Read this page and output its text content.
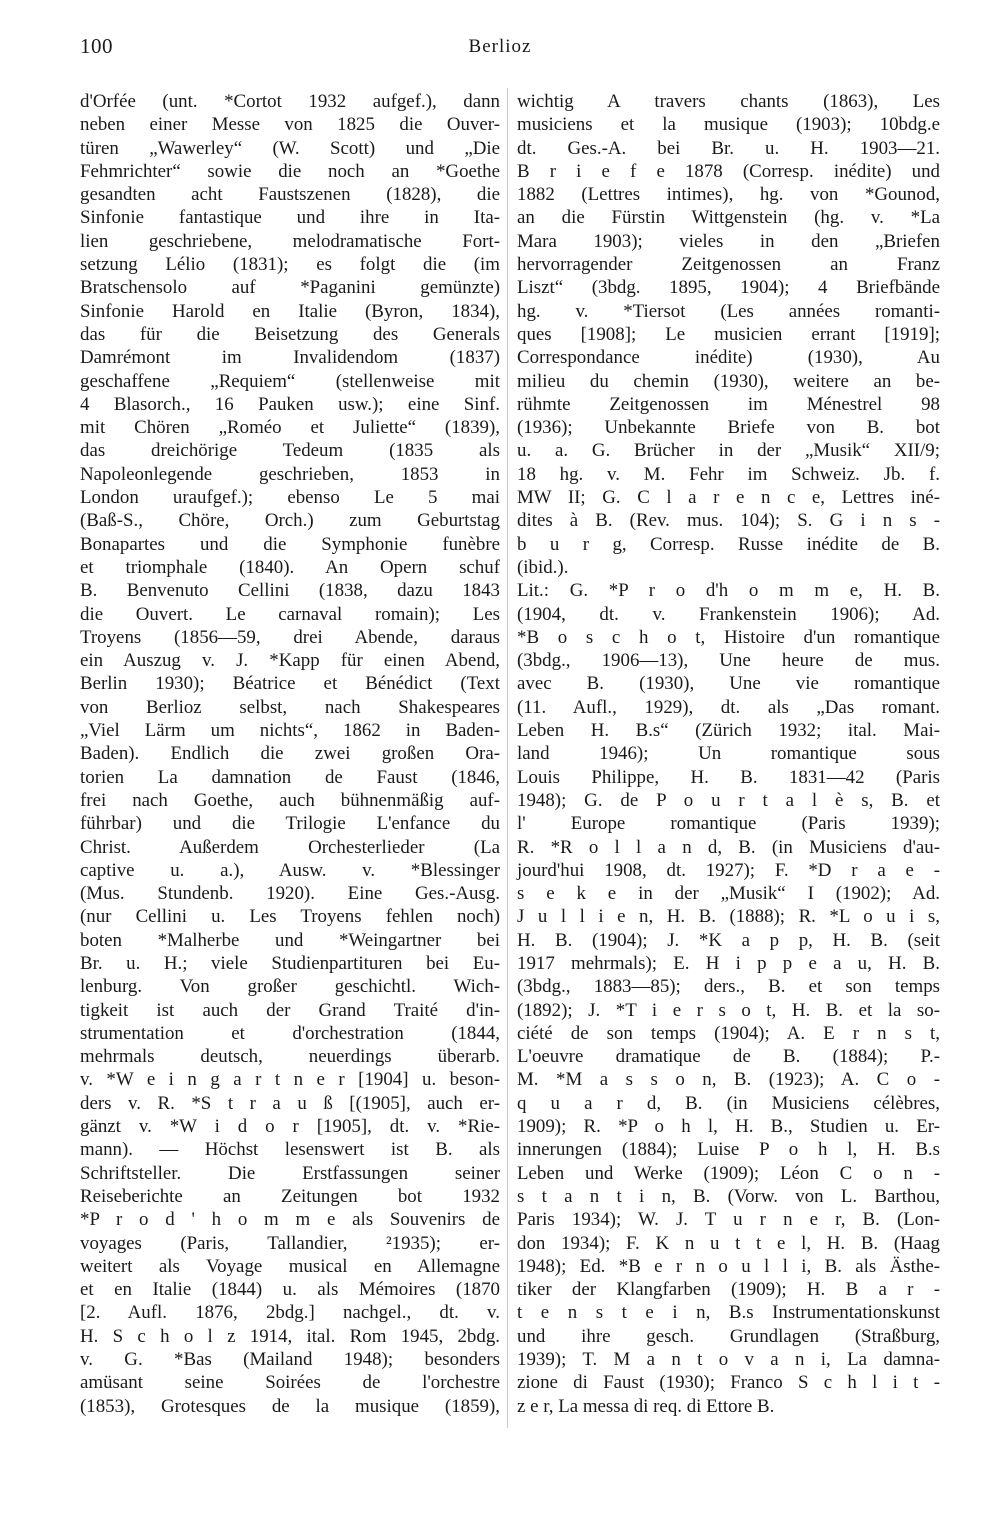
100	Berlioz
d'Orfée (unt. *Cortot 1932 aufgef.), dann
neben einer Messe von 1825 die Ouver-
türen „Wawerley“ (W. Scott) und „Die
Fehmrichter“ sowie die noch an *Goethe
gesandten acht Faustszenen (1828), die
Sinfonie fantastique und ihre in Ita-
lien geschriebene, melodramatische Fort-
setzung Lélio (1831); es folgt die (im
Bratschensolo auf *Paganini gemünzte)
Sinfonie Harold en Italie (Byron, 1834),
das für die Beisetzung des Generals
Damrémont im Invalidendom (1837)
geschaffene „Requiem“ (stellenweise mit
4 Blasorch., 16 Pauken usw.); eine Sinf.
mit Chören „Roméo et Juliette“ (1839),
das dreichörige Tedeum (1835 als
Napoleonlegende geschrieben, 1853 in
London uraufgef.); ebenso Le 5 mai
(Baß-S., Chöre, Orch.) zum Geburtstag
Bonapartes und die Symphonie funèbre
et triomphale (1840). An Opern schuf
B. Benvenuto Cellini (1838, dazu 1843
die Ouvert. Le carnaval romain); Les
Troyens (1856—59, drei Abende, daraus
ein Auszug v. J. *Kapp für einen Abend,
Berlin 1930); Béatrice et Bénédict (Text
von Berlioz selbst, nach Shakespeares
„Viel Lärm um nichts“, 1862 in Baden-
Baden). Endlich die zwei großen Ora-
torien La damnation de Faust (1846,
frei nach Goethe, auch bühnenmäßig auf-
führbar) und die Trilogie L'enfance du
Christ. Außerdem Orchesterlieder (La
captive u. a.), Ausw. v. *Blessinger
(Mus. Stundenb. 1920). Eine Ges.-Ausg.
(nur Cellini u. Les Troyens fehlen noch)
boten *Malherbe und *Weingartner bei
Br. u. H.; viele Studienpartituren bei Eu-
lenburg. Von großer geschichtl. Wich-
tigkeit ist auch der Grand Traité d'in-
strumentation et d'orchestration (1844,
mehrmals deutsch, neuerdings überarb.
v. *W e i n g a r t n e r [1904] u. beson-
ders v. R. *S t r a u ß [(1905], auch er-
gänzt v. *W i d o r [1905], dt. v. *Rie-
mann). — Höchst lesenswert ist B. als
Schriftsteller. Die Erstfassungen seiner
Reiseberichte an Zeitungen bot 1932
*P r o d ' h o m m e als Souvenirs de
voyages (Paris, Tallandier, ²1935); er-
weitert als Voyage musical en Allemagne
et en Italie (1844) u. als Mémoires (1870
[2. Aufl. 1876, 2bdg.] nachgel., dt. v.
H. S c h o l z 1914, ital. Rom 1945, 2bdg.
v. G. *Bas (Mailand 1948); besonders
amüsant seine Soirées de l'orchestre
(1853), Grotesques de la musique (1859),
wichtig A travers chants (1863), Les
musiciens et la musique (1903); 10bdg.e
dt. Ges.-A. bei Br. u. H. 1903—21.
B r i e f e 1878 (Corresp. inédite) und
1882 (Lettres intimes), hg. von *Gounod,
an die Fürstin Wittgenstein (hg. v. *La
Mara 1903); vieles in den „Briefen
hervorragender Zeitgenossen an Franz
Liszt“ (3bdg. 1895, 1904); 4 Briefbände
hg. v. *Tiersot (Les années romanti-
ques [1908]; Le musicien errant [1919];
Correspondance inédite) (1930), Au
milieu du chemin (1930), weitere an be-
rühmte Zeitgenossen im Ménestrel 98
(1936); Unbekannte Briefe von B. bot
u. a. G. Brücher in der „Musik“ XII/9;
18 hg. v. M. Fehr im Schweiz. Jb. f.
MW II; G. C l a r e n c e, Lettres iné-
dites à B. (Rev. mus. 104); S. G i n s -
b u r g, Corresp. Russe inédite de B.
(ibid.).
Lit.: G. *P r o d'h o m m e, H. B.
(1904, dt. v. Frankenstein 1906); Ad.
*B o s c h o t, Histoire d'un romantique
(3bdg., 1906—13), Une heure de mus.
avec B. (1930), Une vie romantique
(11. Aufl., 1929), dt. als „Das romant.
Leben H. B.s“ (Zürich 1932; ital. Mai-
land 1946); Un romantique sous
Louis Philippe, H. B. 1831—42 (Paris
1948); G. de P o u r t a l è s, B. et
l' Europe romantique (Paris 1939);
R. *R o l l a n d, B. (in Musiciens d'au-
jourd'hui 1908, dt. 1927); F. *D r a e -
s e k e in der „Musik“ I (1902); Ad.
J u l l i e n, H. B. (1888); R. *L o u i s,
H. B. (1904); J. *K a p p, H. B. (seit
1917 mehrmals); E. H i p p e a u, H. B.
(3bdg., 1883—85); ders., B. et son temps
(1892); J. *T i e r s o t, H. B. et la so-
ciété de son temps (1904); A. E r n s t,
L'oeuvre dramatique de B. (1884); P.-
M. *M a s s o n, B. (1923); A. C o -
q u a r d, B. (in Musiciens célèbres,
1909); R. *P o h l, H. B., Studien u. Er-
innerungen (1884); Luise P o h l, H. B.s
Leben und Werke (1909); Léon C o n -
s t a n t i n, B. (Vorw. von L. Barthou,
Paris 1934); W. J. T u r n e r, B. (Lon-
don 1934); F. K n u t t e l, H. B. (Haag
1948); Ed. *B e r n o u l l i, B. als Ästhe-
tiker der Klangfarben (1909); H. B a r -
t e n s t e i n, B.s Instrumentationskunst
und ihre gesch. Grundlagen (Straßburg,
1939); T. M a n t o v a n i, La damna-
zione di Faust (1930); Franco S c h l i t -
z e r, La messa di req. di Ettore B.
